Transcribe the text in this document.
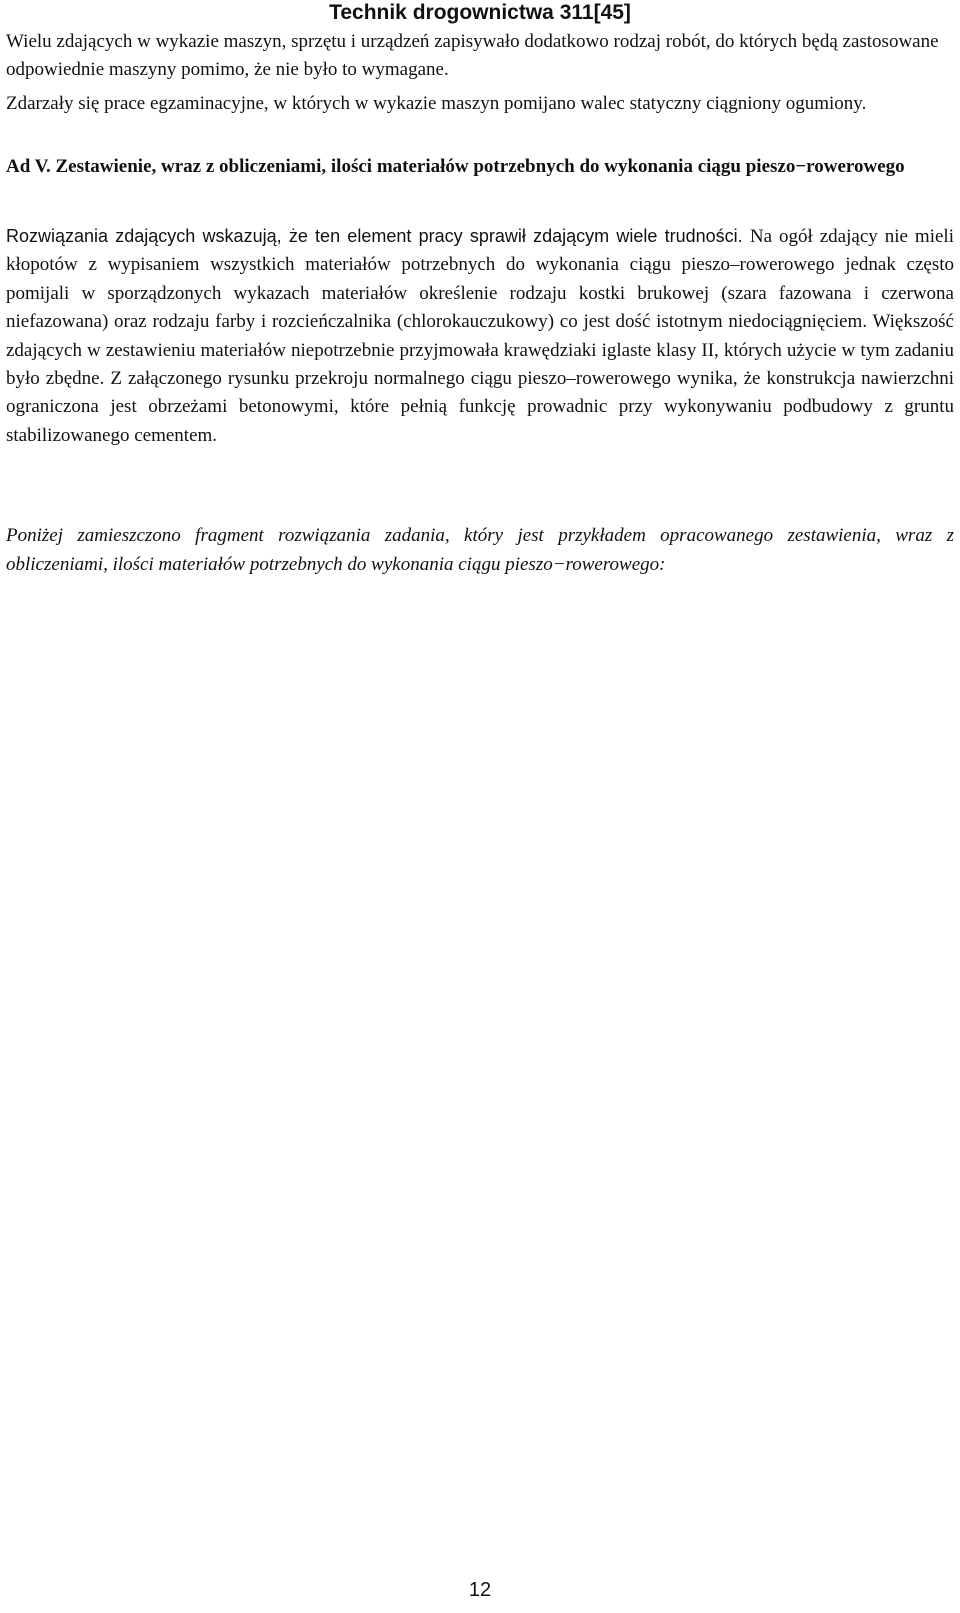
Technik drogownictwa 311[45]
Wielu zdających w wykazie maszyn, sprzętu i urządzeń zapisywało dodatkowo rodzaj robót, do których będą zastosowane odpowiednie maszyny pomimo, że nie było to wymagane.
Zdarzały się prace egzaminacyjne, w których w wykazie maszyn pomijano walec statyczny ciągniony ogumiony.
Ad V. Zestawienie, wraz z obliczeniami, ilości materiałów potrzebnych do wykonania ciągu pieszo−rowerowego
Rozwiązania zdających wskazują, że ten element pracy sprawił zdającym wiele trudności. Na ogół zdający nie mieli kłopotów z wypisaniem wszystkich materiałów potrzebnych do wykonania ciągu pieszo–rowerowego jednak często pomijali w sporządzonych wykazach materiałów określenie rodzaju kostki brukowej (szara fazowana i czerwona niefazowana) oraz rodzaju farby i rozcieńczalnika (chlorokauczukowy) co jest dość istotnym niedociągnięciem. Większość zdających w zestawieniu materiałów niepotrzebnie przyjmowała krawędziaki iglaste klasy II, których użycie w tym zadaniu było zbędne. Z załączonego rysunku przekroju normalnego ciągu pieszo–rowerowego wynika, że konstrukcja nawierzchni ograniczona jest obrzeżami betonowymi, które pełnią funkcję prowadnic przy wykonywaniu podbudowy z gruntu stabilizowanego cementem.
Poniżej zamieszczono fragment rozwiązania zadania, który jest przykładem opracowanego zestawienia, wraz z obliczeniami, ilości materiałów potrzebnych do wykonania ciągu pieszo−rowerowego:
12
